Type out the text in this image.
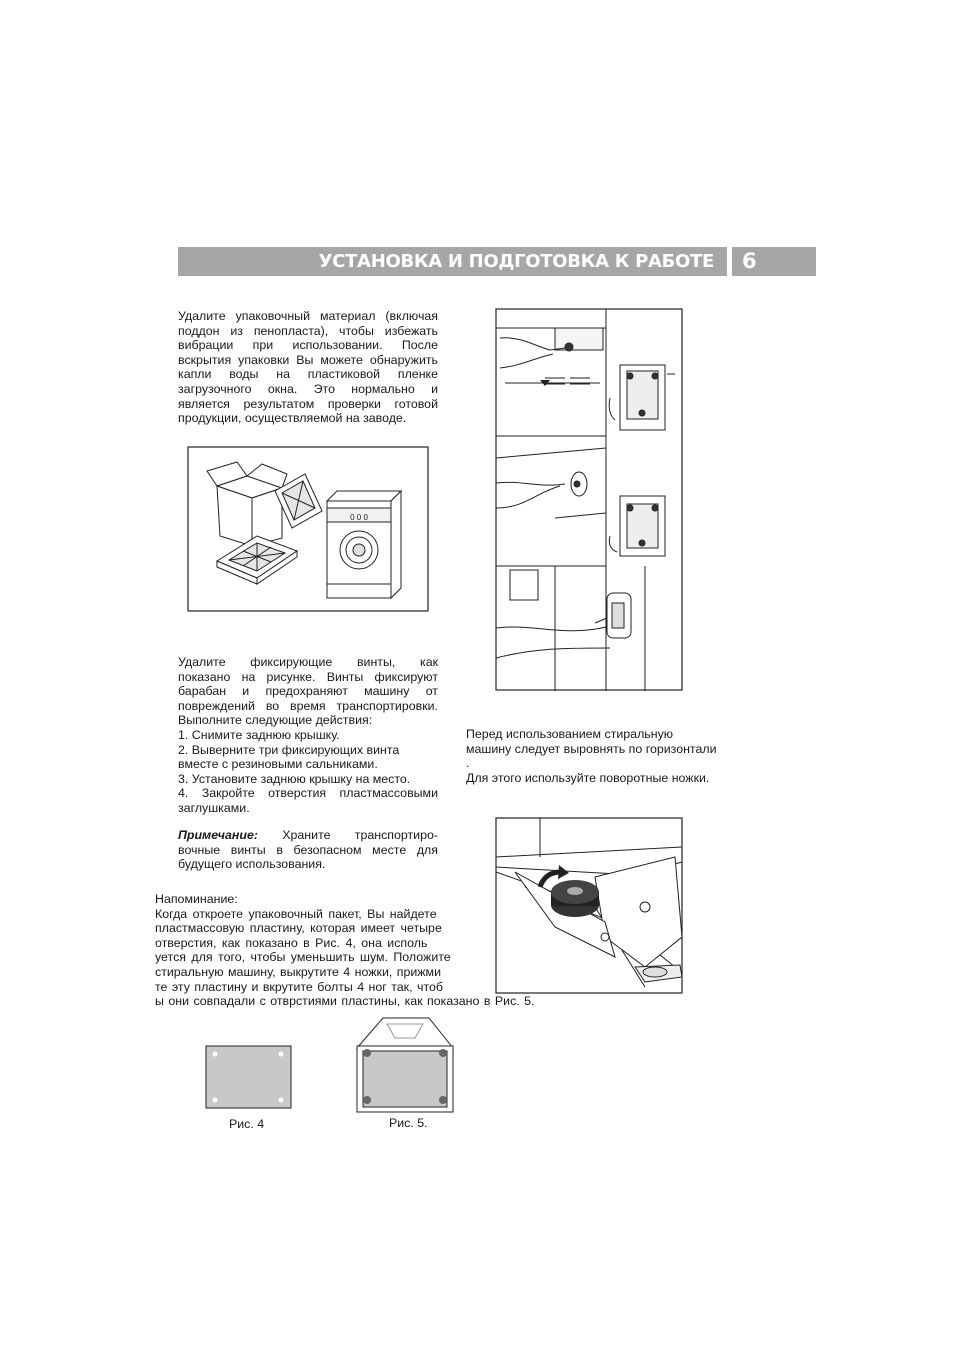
УСТАНОВКА И ПОДГОТОВКА К РАБОТЕ 6
Удалите упаковочный материал (включая
поддон из пенопласта), чтобы избежать
вибрации при использовании. После
вскрытия упаковки Вы можете обнаружить
капли воды на пластиковой пленке
загрузочного окна. Это нормально и
является результатом проверки готовой
продукции, осуществляемой на заводе.
0 0 0
Удалите фиксирующие винты, как
показано на рисунке. Винты фиксируют
барабан и предохраняют машину от
повреждений во время транспортировки.
Выполните следующие действия:
1. Снимите заднюю крышку.
2. Выверните три фиксирующих винта
вместе с резиновыми сальниками.
3. Установите заднюю крышку на место.
4. Закройте отверстия пластмассовыми
заглушками.
Примечание: Храните транспортиро-
вочные винты в безопасном месте для
будущего использования.
Перед использованием стиральную
машину следует выровнять по горизонтали
.
Для этого используйте поворотные ножки.
Напоминание:
Когда откроете упаковочный пакет, Вы найдете
пластмассовую пластину, которая имеет четыре
отверстия, как показано в Рис. 4, она исполь
уется для того, чтобы уменьшить шум. Положите
стиральную машину, выкрутите 4 ножки, прижми
те эту пластину и вкрутите болты 4 ног так, чтоб
ы они совпадали с отврстиями пластины, как показано в Рис. 5.
Рис. 4	Рис. 5.
